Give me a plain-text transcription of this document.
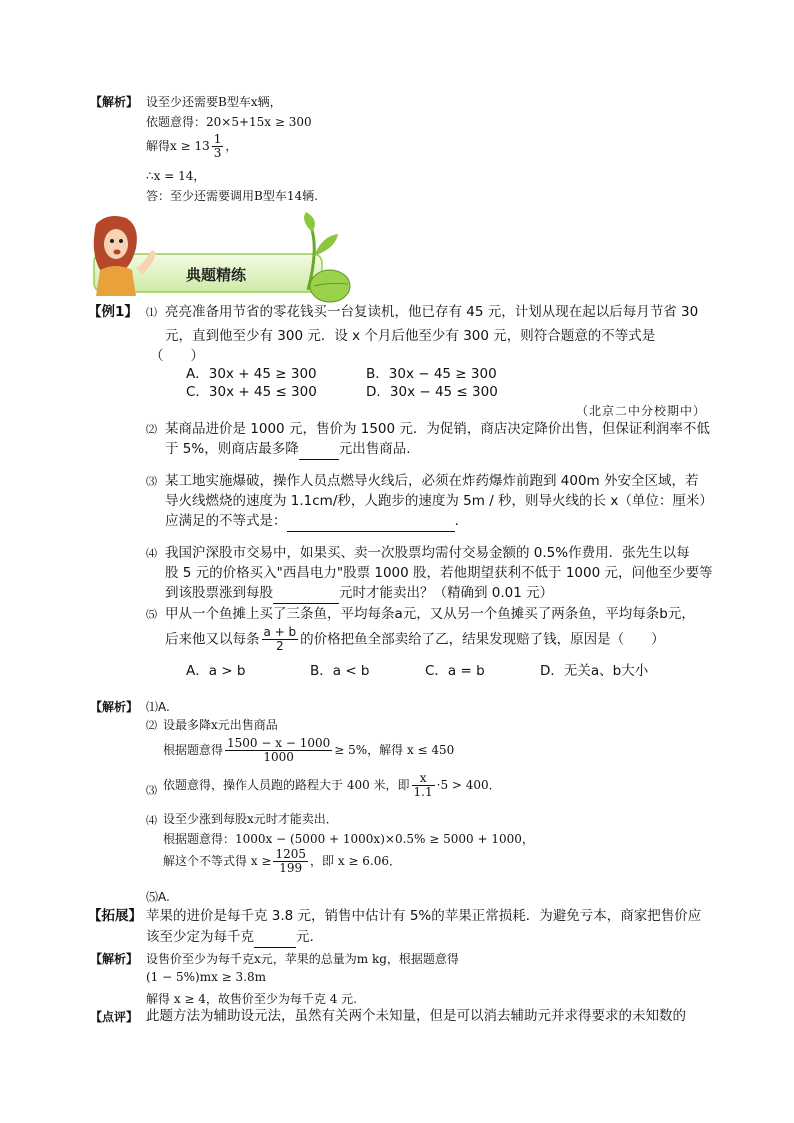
【解析】 设至少还需要B型车x辆，
依题意得：20×5+15x ≥ 300
解得$x \ge 13 \frac{1}{3}$ ，
∴x = 14，
答：至少还需要调用B型车14辆.
典题精练
【例1】 ⑴ 亮亮准备用节省的零花钱买一台复读机，他已存有 45 元，计划从现在起以后每月节省 30
元，直到他至少有 300 元．设 x 个月后他至少有 300 元，则符合题意的不等式是
（　　）
A．30x + 45 ≥ 300	B．30x − 45 ≥ 300
C．30x + 45 ≤ 300	D．30x − 45 ≤ 300
（北京二中分校期中）
⑵ 某商品进价是 1000 元，售价为 1500 元．为促销，商店决定降价出售，但保证利润率不低
于 5%，则商店最多降	元出售商品.
⑶ 某工地实施爆破，操作人员点燃导火线后，必须在炸药爆炸前跑到 400m 外安全区域，若
导火线燃烧的速度为 1.1cm/秒，人跑步的速度为 5m / 秒，则导火线的长 x（单位：厘米）
应满足的不等式是：	.
⑷ 我国沪深股市交易中，如果买、卖一次股票均需付交易金额的 0.5%作费用．张先生以每
股 5 元的价格买入"西昌电力"股票 1000 股，若他期望获利不低于 1000 元，问他至少要等
到该股票涨到每股	元时才能卖出？（精确到 0.01 元）
⑸ 甲从一个鱼摊上买了三条鱼，平均每条a元，又从另一个鱼摊买了两条鱼，平均每条b元，
后来他又以每条 $\frac{a + b}{2}$ 的价格把鱼全部卖给了乙，结果发现赔了钱，原因是（　　）
A．a > b	B．a < b	C．a = b	D．无关a、b大小
【解析】 ⑴A.
⑵ 设最多降x元出售商品
根据题意得 $\frac{1500 - x - 1000}{1000} \ge 5\%$，解得 x ≤ 450
⑶ 依题意得，操作人员跑的路程大于 400 米，即 $\frac{x}{1.1} \cdot 5 > 400$．
⑷ 设至少涨到每股x元时才能卖出．
根据题意得：1000x − (5000 + 1000x)×0.5% ≥ 5000 + 1000，
解这个不等式得 $x \ge \frac{1205}{199}$ ，即 x ≥ 6.06．
⑸A.
【拓展】 苹果的进价是每千克 3.8 元，销售中估计有 5%的苹果正常损耗．为避免亏本，商家把售价应
该至少定为每千克	元.
【解析】 设售价至少为每千克x元，苹果的总量为m kg，根据题意得
(1 − 5%)mx ≥ 3.8m
解得 x ≥ 4，故售价至少为每千克 4 元.
【点评】 此题方法为辅助设元法，虽然有关两个未知量，但是可以消去辅助元并求得要求的未知数的
